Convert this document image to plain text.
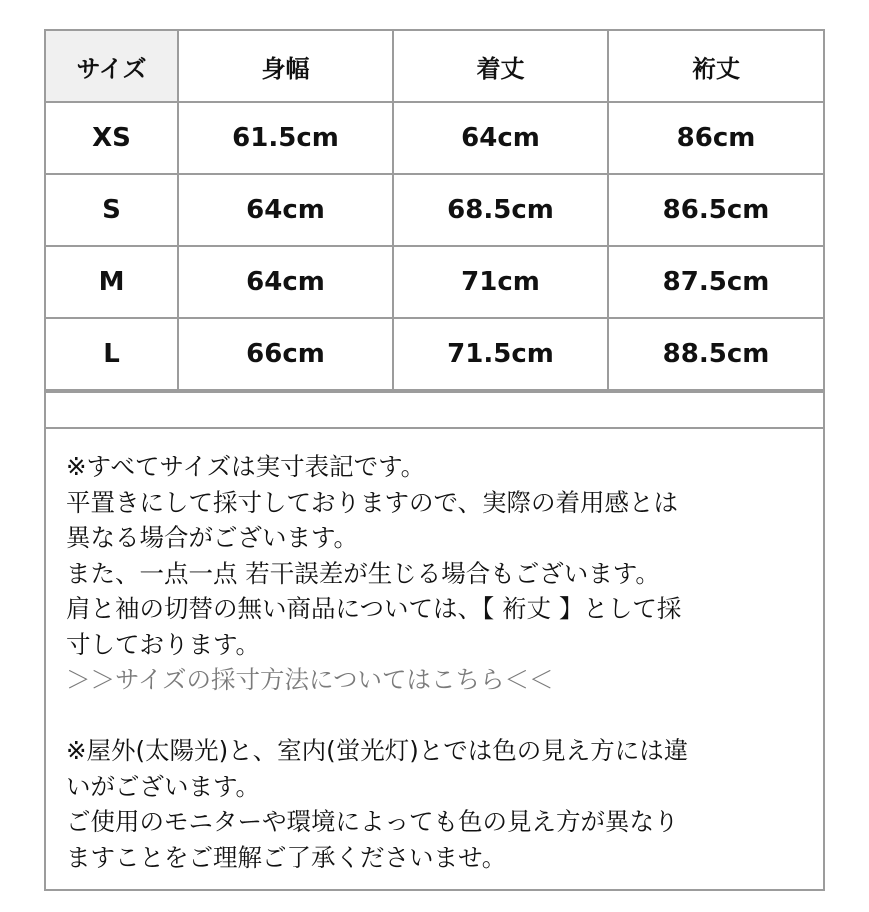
サイズ	身幅	着丈	裄丈
XS	61.5cm	64cm	86cm
S	64cm	68.5cm	86.5cm
M	64cm	71cm	87.5cm
L	66cm	71.5cm	88.5cm

※すべてサイズは実寸表記です。

平置きにして採寸しておりますので、実際の着用感とは

異なる場合がございます。

また、一点一点 若干誤差が生じる場合もございます。

肩と袖の切替の無い商品については、【 裄丈 】として採

寸しております。

＞＞サイズの採寸方法についてはこちら＜＜

※屋外(太陽光)と、室内(蛍光灯)とでは色の見え方には違

いがございます。

ご使用のモニターや環境によっても色の見え方が異なり

ますことをご理解ご了承くださいませ。
